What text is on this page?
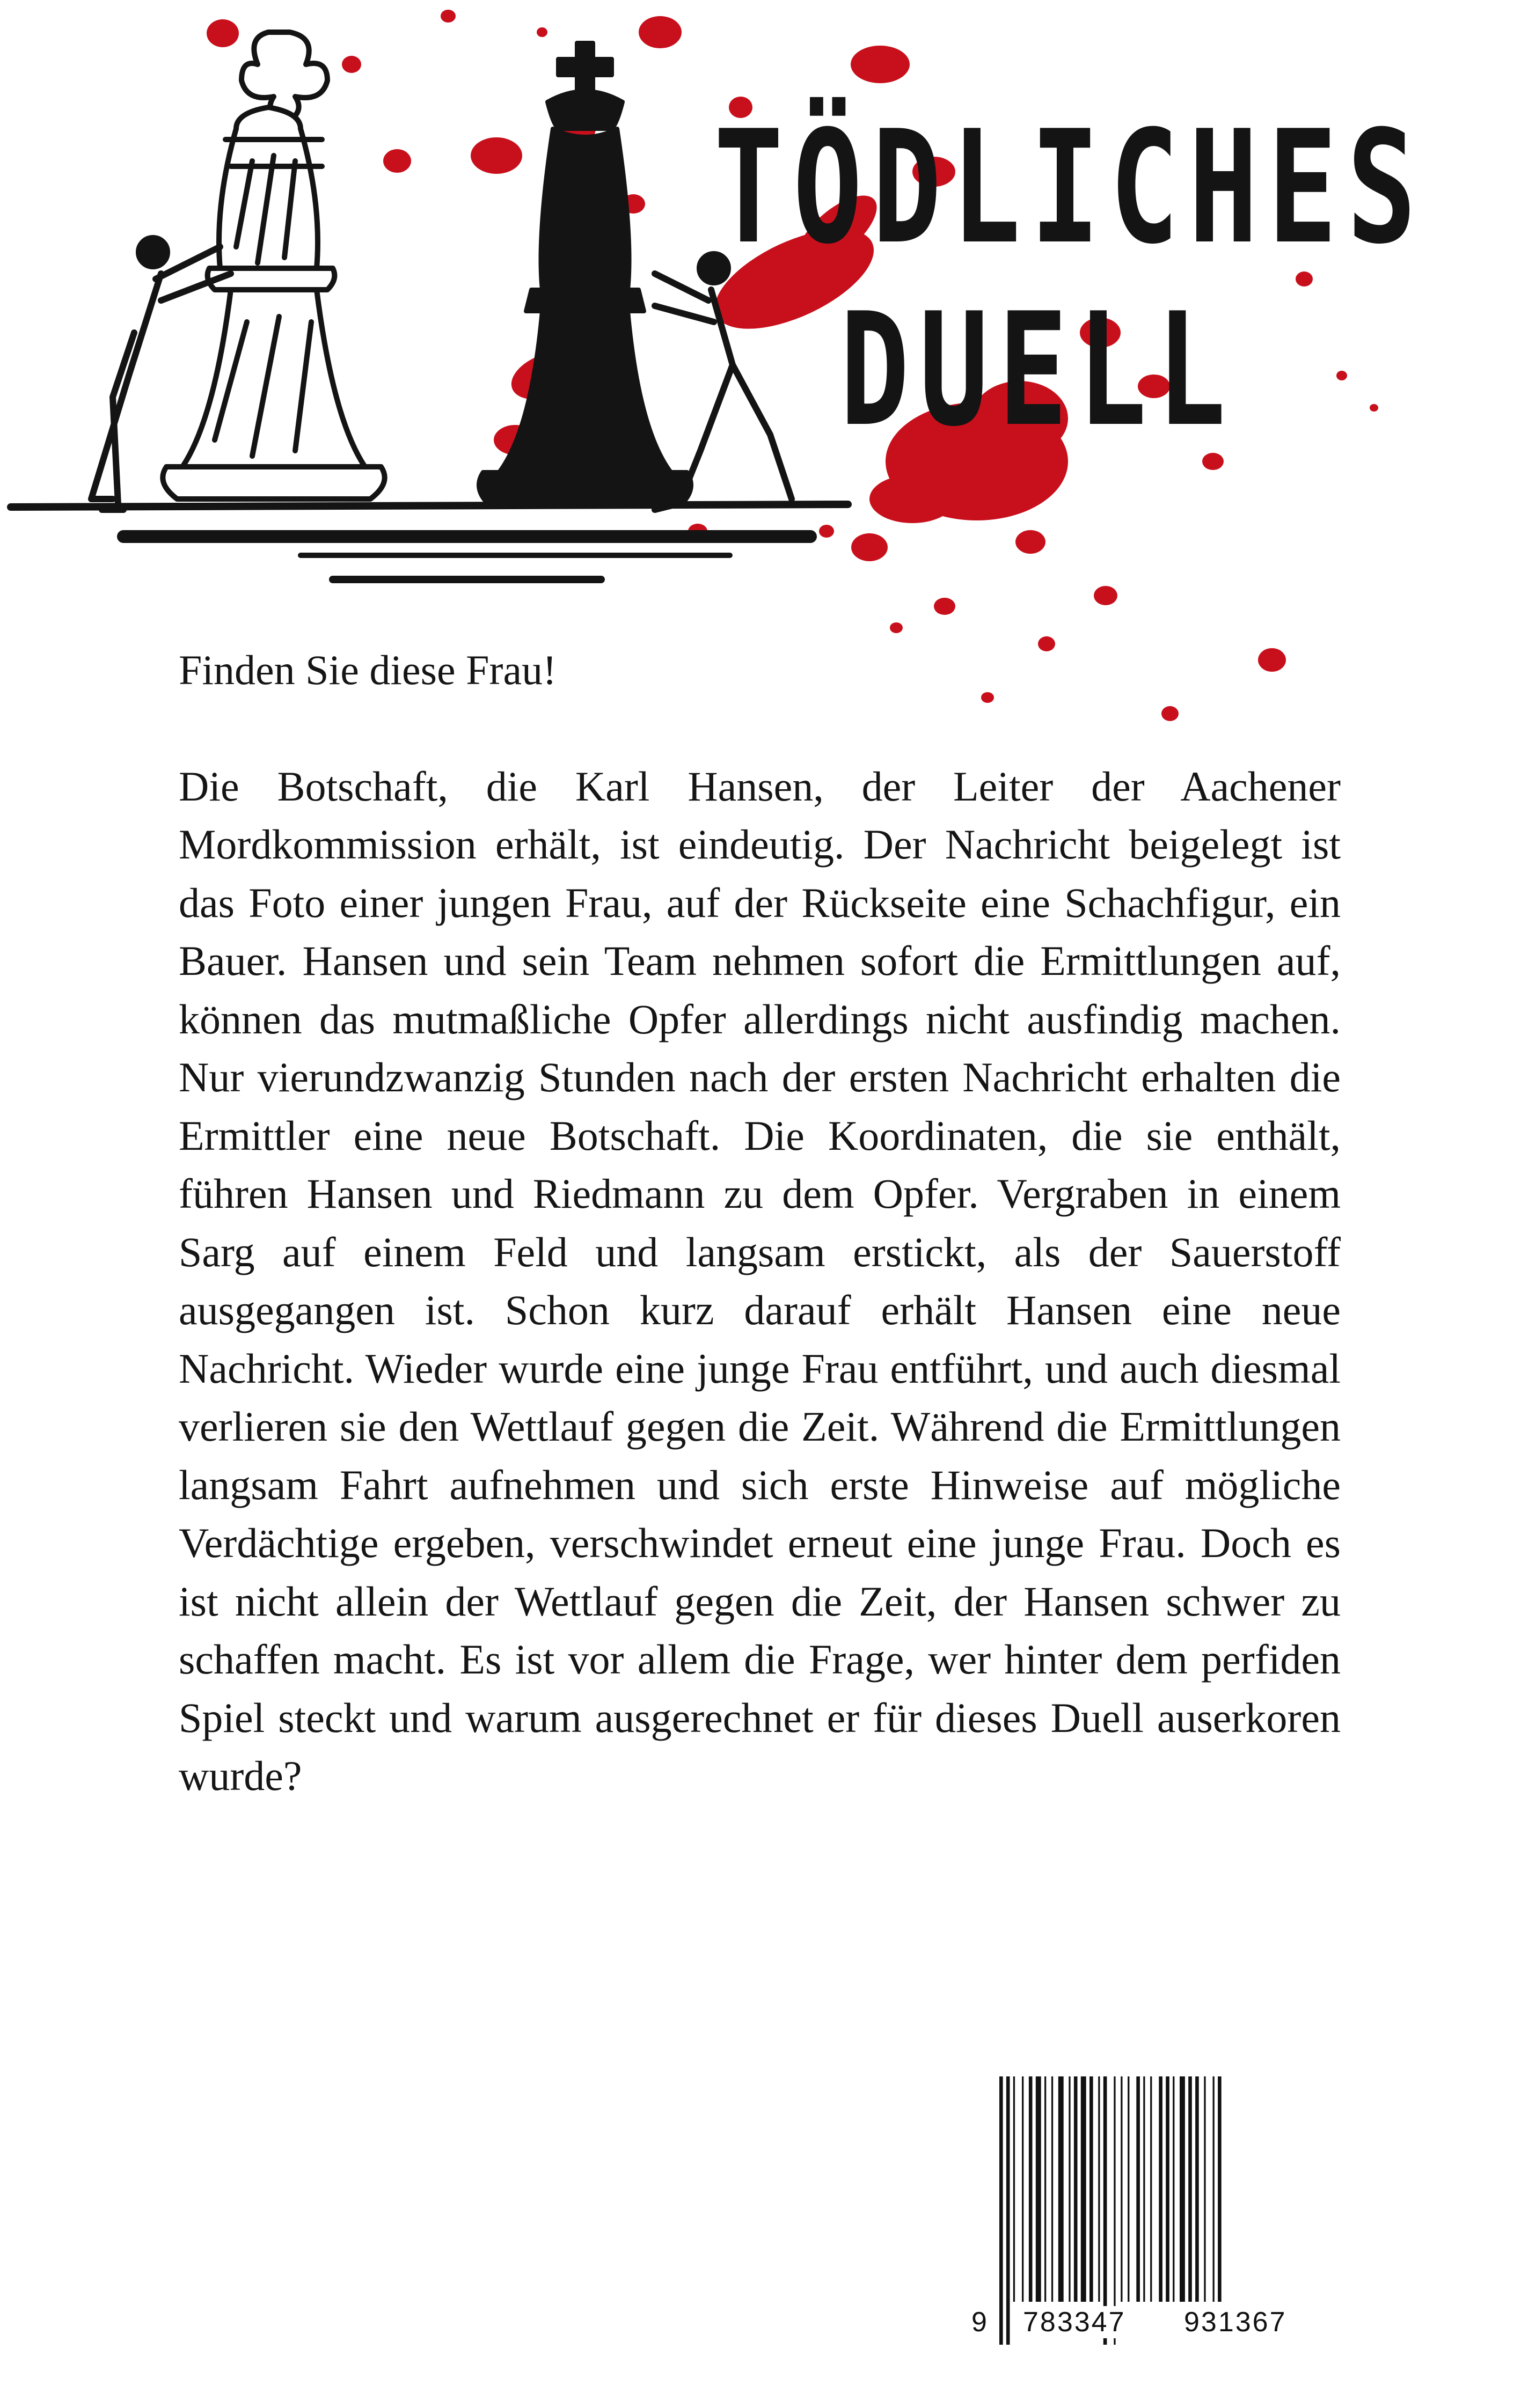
TÖDLICHES
DUELL

Finden Sie diese Frau!

Die Botschaft, die Karl Hansen, der Leiter der Aachener Mordkommission erhält, ist eindeutig. Der Nachricht beigelegt ist das Foto einer jungen Frau, auf der Rückseite eine Schachfigur, ein Bauer. Hansen und sein Team nehmen sofort die Ermittlungen auf, können das mutmaßliche Opfer allerdings nicht ausfindig machen. Nur vierundzwanzig Stunden nach der ersten Nachricht erhalten die Ermittler eine neue Botschaft. Die Koordinaten, die sie enthält, führen Hansen und Riedmann zu dem Opfer. Vergraben in einem Sarg auf einem Feld und langsam erstickt, als der Sauerstoff ausgegangen ist. Schon kurz darauf erhält Hansen eine neue Nachricht. Wieder wurde eine junge Frau entführt, und auch diesmal verlieren sie den Wettlauf gegen die Zeit. Während die Ermittlungen langsam Fahrt aufnehmen und sich erste Hinweise auf mögliche Verdächtige ergeben, verschwindet erneut eine junge Frau. Doch es ist nicht allein der Wettlauf gegen die Zeit, der Hansen schwer zu schaffen macht. Es ist vor allem die Frage, wer hinter dem perfiden Spiel steckt und warum ausgerechnet er für dieses Duell auserkoren wurde?

9 783347 931367
